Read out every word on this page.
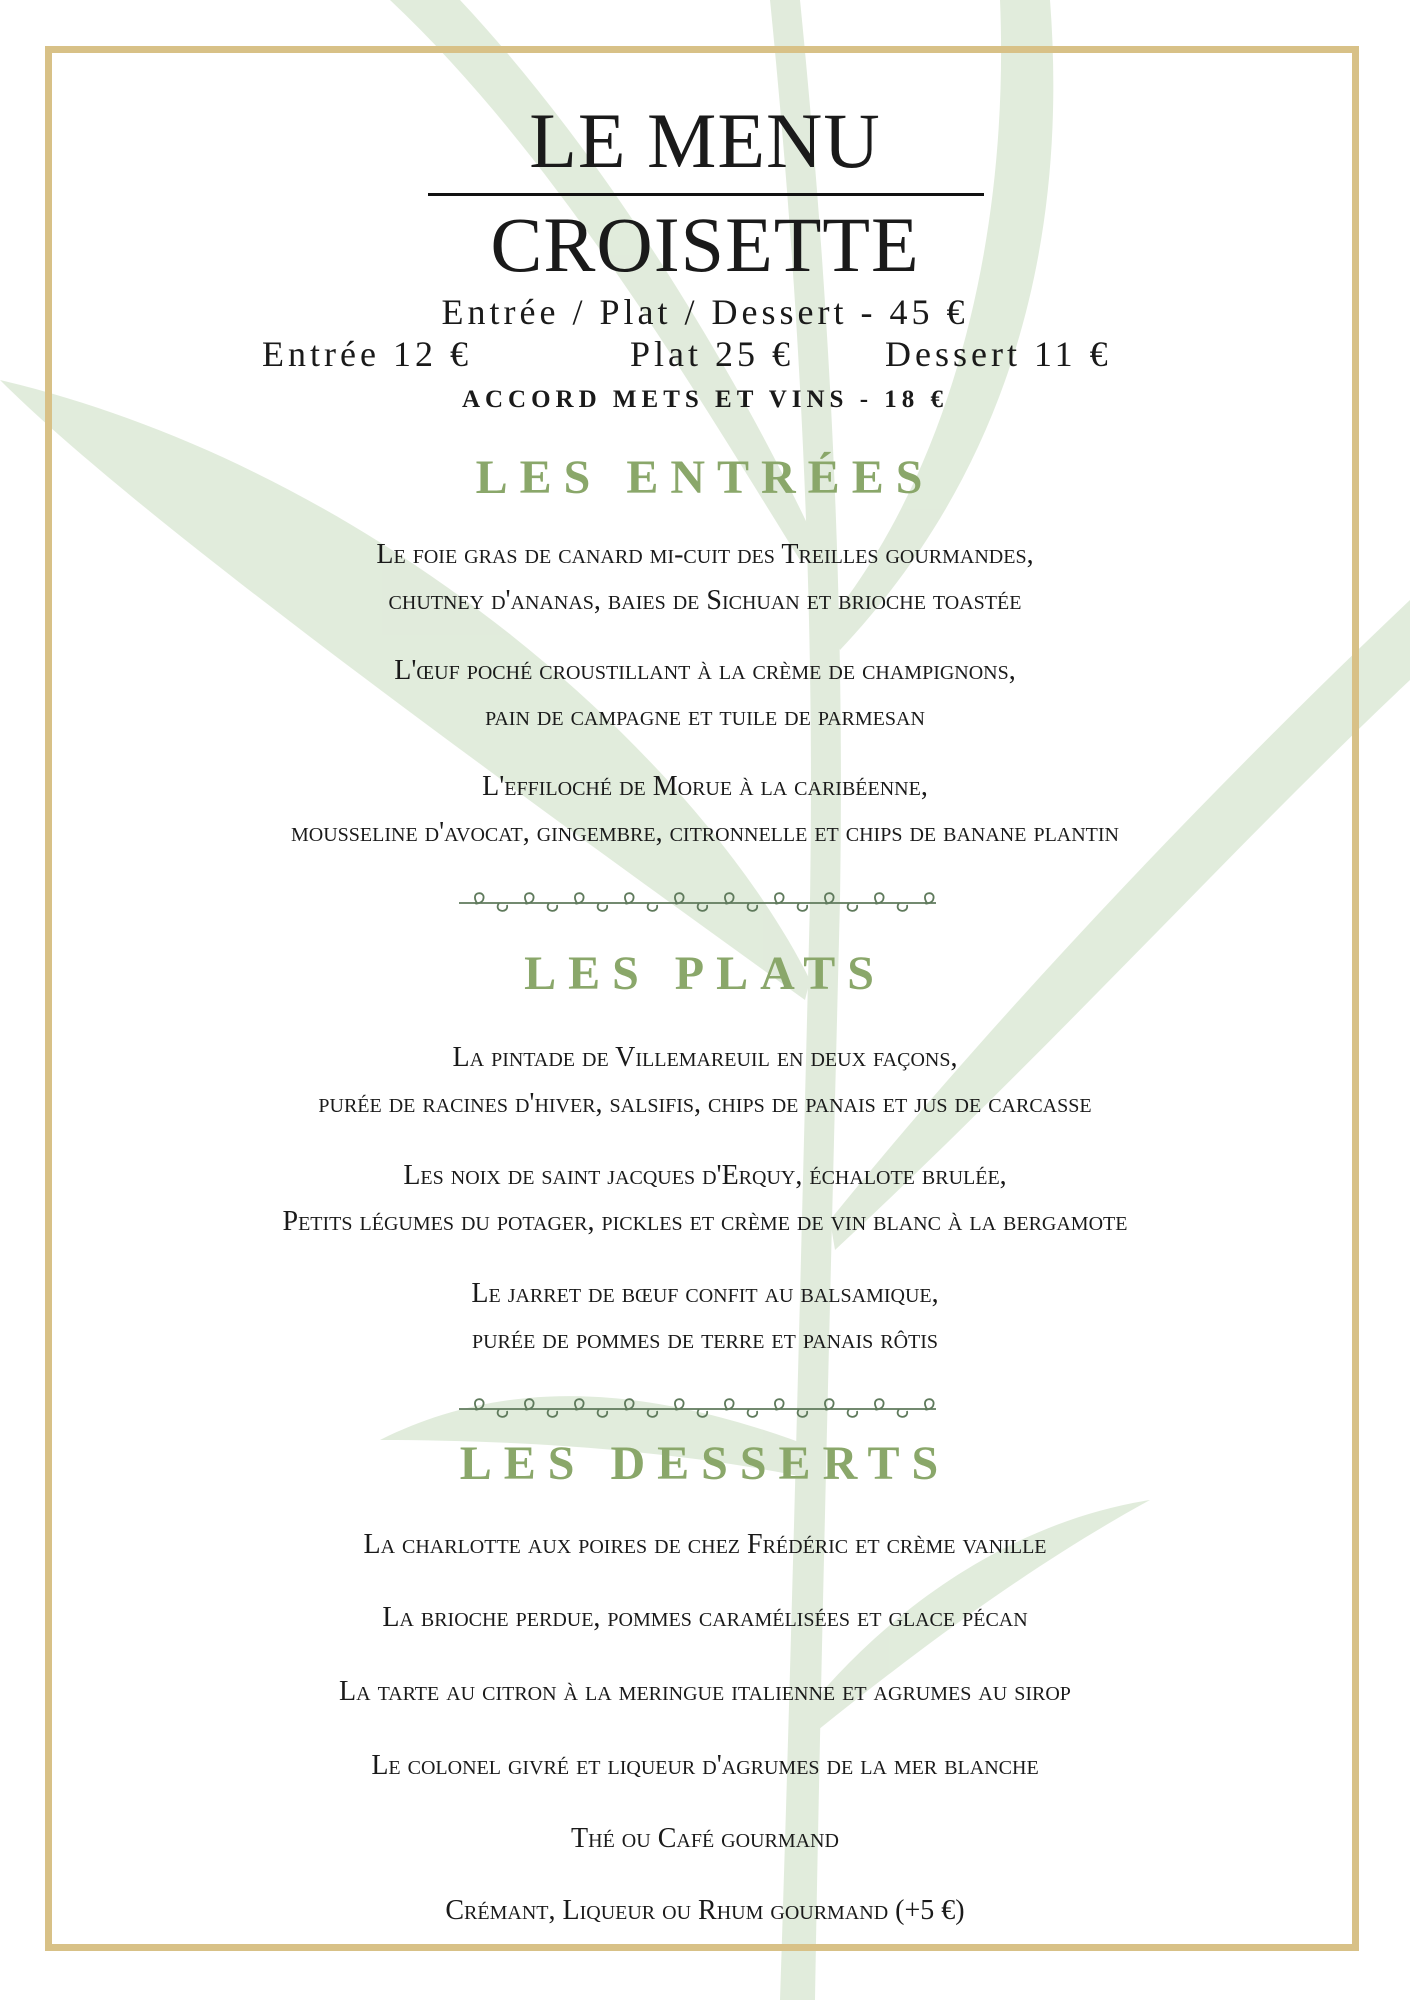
LE MENU
CROISETTE
Entrée / Plat / Dessert - 45 €
Entrée 12 €	Plat 25 €	Dessert 11 €
ACCORD METS ET VINS - 18 €
LES ENTRÉES
Le foie gras de canard mi-cuit des Treilles gourmandes,
chutney d'ananas, baies de Sichuan et brioche toastée
L'œuf poché croustillant à la crème de champignons,
pain de campagne et tuile de parmesan
L'effiloché de Morue à la caribéenne,
mousseline d'avocat, gingembre, citronnelle et chips de banane plantin
LES PLATS
La pintade de Villemareuil en deux façons,
purée de racines d'hiver, salsifis, chips de panais et jus de carcasse
Les noix de saint jacques d'Erquy, échalote brulée,
Petits légumes du potager, pickles et crème de vin blanc à la bergamote
Le jarret de bœuf confit au balsamique,
purée de pommes de terre et panais rôtis
LES DESSERTS
La charlotte aux poires de chez Frédéric et crème vanille
La brioche perdue, pommes caramélisées et glace pécan
La tarte au citron à la meringue italienne et agrumes au sirop
Le colonel givré et liqueur d'agrumes de la mer blanche
Thé ou Café gourmand
Crémant, Liqueur ou Rhum gourmand (+5 €)
